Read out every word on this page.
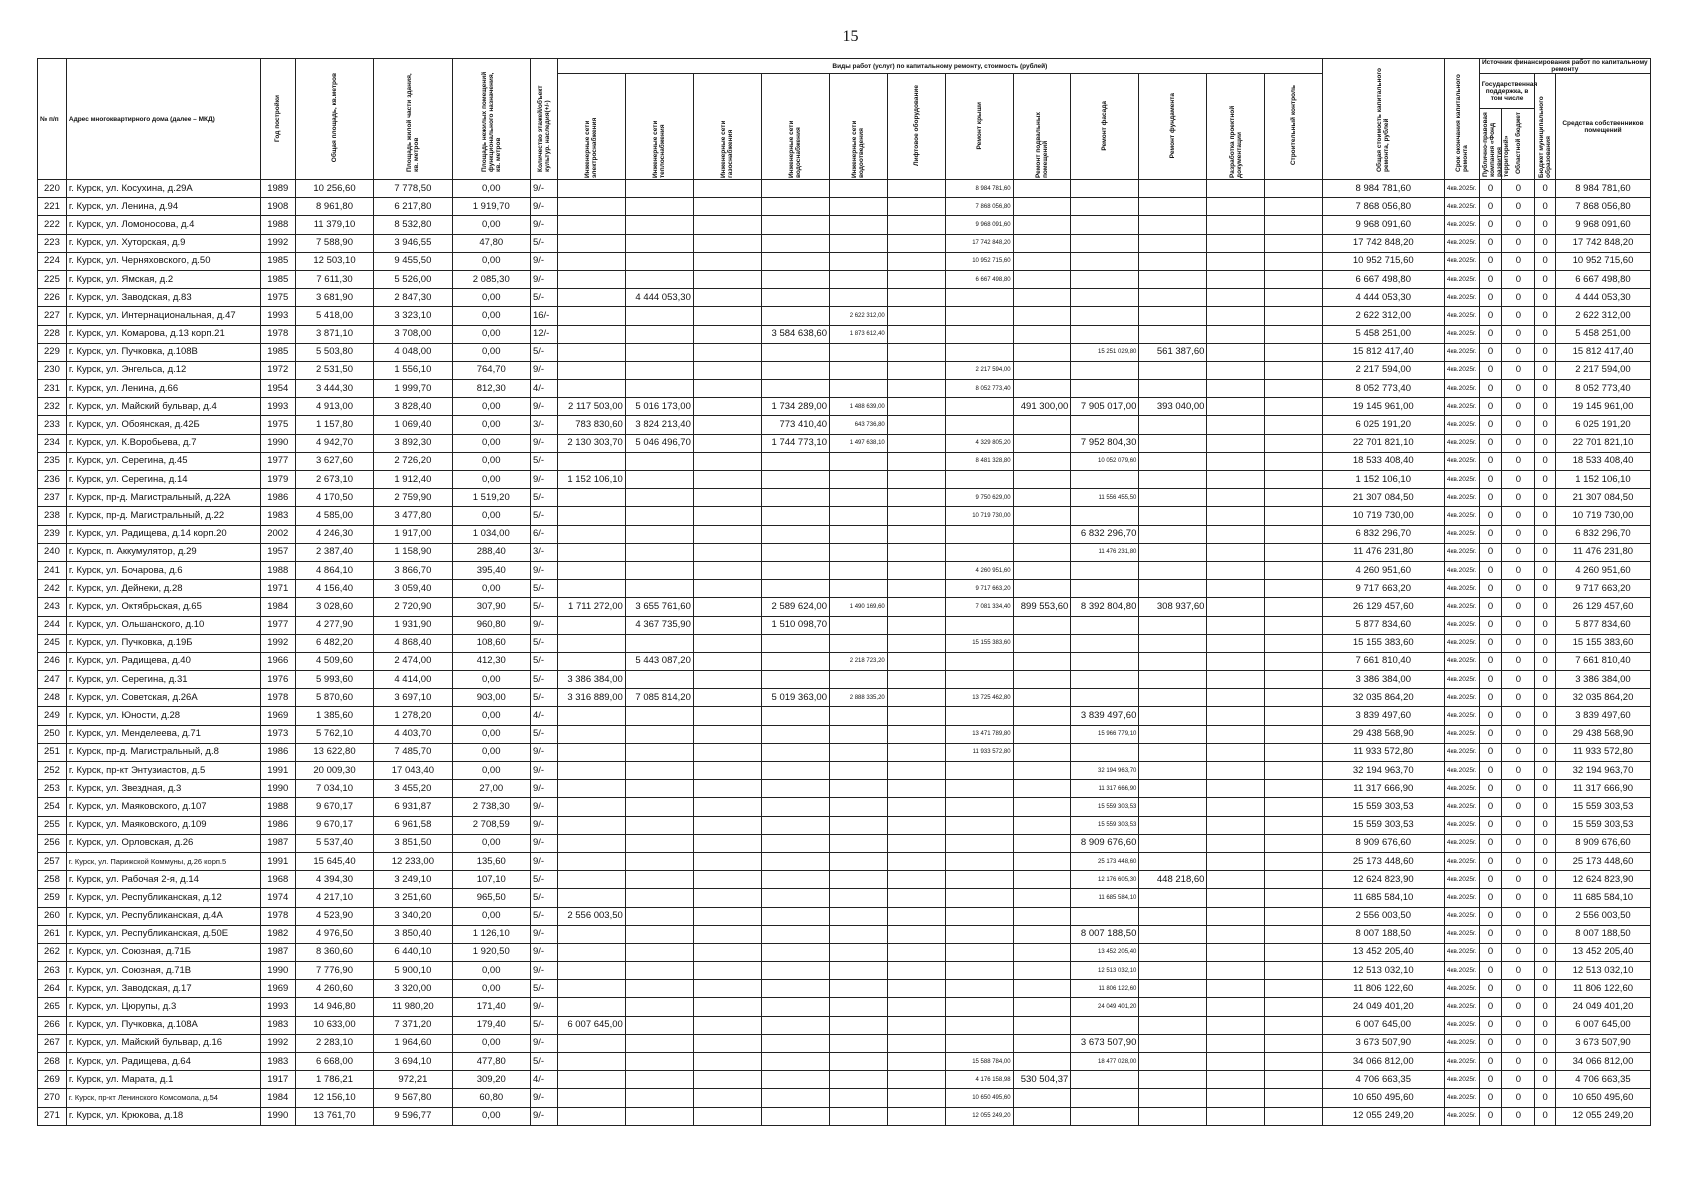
15
№ п/п	Адрес многоквартирного дома (далее – МКД)	Год постройки	Общая площадь, кв.метров	Площадь жилой части здания, кв. метров	Площадь нежилых помещений функционального назначения, кв. метров	Количество этажей/объект культур. наследия(+/-)	Виды работ (услуг) по капитальному ремонту, стоимость (рублей)												Общая стоимость капитального ремонта, рублей	Срок окончания капитального ремонта	Источник финансирования работ по капитальному ремонту			
							Инженерные сети электроснабжения	Инженерные сети теплоснабжения	Инженерные сети газоснабжения	Инженерные сети водоснабжения	Инженерные сети водоотведения	Лифтовое оборудование	Ремонт крыши	Ремонт подвальных помещений	Ремонт фасада	Ремонт фундамента	Разработка проектной документации	Строительный контроль			Государственная поддержка, в том числе		Бюджет муниципального образования	Средства собственников помещений
																					Публично-правовая компания «Фонд развития территорий»	Областной бюджет		
220	г. Курск, ул. Косухина, д.29А	1989	10 256,60	7 778,50	0,00	9/-							8 984 781,60						8 984 781,60	4кв.2025г.	0	0	0	8 984 781,60
221	г. Курск, ул. Ленина, д.94	1908	8 961,80	6 217,80	1 919,70	9/-							7 868 056,80						7 868 056,80	4кв.2025г.	0	0	0	7 868 056,80
222	г. Курск, ул. Ломоносова, д.4	1988	11 379,10	8 532,80	0,00	9/-							9 968 091,60						9 968 091,60	4кв.2025г.	0	0	0	9 968 091,60
223	г. Курск, ул. Хуторская, д.9	1992	7 588,90	3 946,55	47,80	5/-							17 742 848,20						17 742 848,20	4кв.2025г.	0	0	0	17 742 848,20
224	г. Курск, ул. Черняховского, д.50	1985	12 503,10	9 455,50	0,00	9/-							10 952 715,60						10 952 715,60	4кв.2025г.	0	0	0	10 952 715,60
225	г. Курск, ул. Ямская, д.2	1985	7 611,30	5 526,00	2 085,30	9/-							6 667 498,80						6 667 498,80	4кв.2025г.	0	0	0	6 667 498,80
226	г. Курск, ул. Заводская, д.83	1975	3 681,90	2 847,30	0,00	5/-		4 444 053,30											4 444 053,30	4кв.2025г.	0	0	0	4 444 053,30
227	г. Курск, ул. Интернациональная, д.47	1993	5 418,00	3 323,10	0,00	16/-					2 622 312,00								2 622 312,00	4кв.2025г.	0	0	0	2 622 312,00
228	г. Курск, ул. Комарова, д.13 корп.21	1978	3 871,10	3 708,00	0,00	12/-				3 584 638,60	1 873 612,40								5 458 251,00	4кв.2025г.	0	0	0	5 458 251,00
229	г. Курск, ул. Пучковка, д.108В	1985	5 503,80	4 048,00	0,00	5/-									15 251 029,80	561 387,60			15 812 417,40	4кв.2025г.	0	0	0	15 812 417,40
230	г. Курск, ул. Энгельса, д.12	1972	2 531,50	1 556,10	764,70	9/-							2 217 594,00						2 217 594,00	4кв.2025г.	0	0	0	2 217 594,00
231	г. Курск, ул. Ленина, д.66	1954	3 444,30	1 999,70	812,30	4/-							8 052 773,40						8 052 773,40	4кв.2025г.	0	0	0	8 052 773,40
232	г. Курск, ул. Майский бульвар, д.4	1993	4 913,00	3 828,40	0,00	9/-	2 117 503,00	5 016 173,00		1 734 289,00	1 488 639,00			491 300,00	7 905 017,00	393 040,00			19 145 961,00	4кв.2025г.	0	0	0	19 145 961,00
233	г. Курск, ул. Обоянская, д.42Б	1975	1 157,80	1 069,40	0,00	3/-	783 830,60	3 824 213,40		773 410,40	643 736,80								6 025 191,20	4кв.2025г.	0	0	0	6 025 191,20
234	г. Курск, ул. К.Воробьева, д.7	1990	4 942,70	3 892,30	0,00	9/-	2 130 303,70	5 046 496,70		1 744 773,10	1 497 638,10		4 329 805,20		7 952 804,30				22 701 821,10	4кв.2025г.	0	0	0	22 701 821,10
235	г. Курск, ул. Серегина, д.45	1977	3 627,60	2 726,20	0,00	5/-							8 481 328,80		10 052 079,60				18 533 408,40	4кв.2025г.	0	0	0	18 533 408,40
236	г. Курск, ул. Серегина, д.14	1979	2 673,10	1 912,40	0,00	9/-	1 152 106,10												1 152 106,10	4кв.2025г.	0	0	0	1 152 106,10
237	г. Курск, пр-д. Магистральный, д.22А	1986	4 170,50	2 759,90	1 519,20	5/-							9 750 629,00		11 556 455,50				21 307 084,50	4кв.2025г.	0	0	0	21 307 084,50
238	г. Курск, пр-д. Магистральный, д.22	1983	4 585,00	3 477,80	0,00	5/-							10 719 730,00						10 719 730,00	4кв.2025г.	0	0	0	10 719 730,00
239	г. Курск, ул. Радищева, д.14 корп.20	2002	4 246,30	1 917,00	1 034,00	6/-									6 832 296,70				6 832 296,70	4кв.2025г.	0	0	0	6 832 296,70
240	г. Курск, п. Аккумулятор, д.29	1957	2 387,40	1 158,90	288,40	3/-									11 476 231,80				11 476 231,80	4кв.2025г.	0	0	0	11 476 231,80
241	г. Курск, ул. Бочарова, д.6	1988	4 864,10	3 866,70	395,40	9/-							4 260 951,60						4 260 951,60	4кв.2025г.	0	0	0	4 260 951,60
242	г. Курск, ул. Дейнеки, д.28	1971	4 156,40	3 059,40	0,00	5/-							9 717 663,20						9 717 663,20	4кв.2025г.	0	0	0	9 717 663,20
243	г. Курск, ул. Октябрьская, д.65	1984	3 028,60	2 720,90	307,90	5/-	1 711 272,00	3 655 761,60		2 589 624,00	1 490 169,60		7 081 334,40	899 553,60	8 392 804,80	308 937,60			26 129 457,60	4кв.2025г.	0	0	0	26 129 457,60
244	г. Курск, ул. Ольшанского, д.10	1977	4 277,90	1 931,90	960,80	9/-		4 367 735,90		1 510 098,70									5 877 834,60	4кв.2025г.	0	0	0	5 877 834,60
245	г. Курск, ул. Пучковка, д.19Б	1992	6 482,20	4 868,40	108,60	5/-							15 155 383,60						15 155 383,60	4кв.2025г.	0	0	0	15 155 383,60
246	г. Курск, ул. Радищева, д.40	1966	4 509,60	2 474,00	412,30	5/-		5 443 087,20			2 218 723,20								7 661 810,40	4кв.2025г.	0	0	0	7 661 810,40
247	г. Курск, ул. Серегина, д.31	1976	5 993,60	4 414,00	0,00	5/-	3 386 384,00												3 386 384,00	4кв.2025г.	0	0	0	3 386 384,00
248	г. Курск, ул. Советская, д.26А	1978	5 870,60	3 697,10	903,00	5/-	3 316 889,00	7 085 814,20		5 019 363,00	2 888 335,20		13 725 462,80						32 035 864,20	4кв.2025г.	0	0	0	32 035 864,20
249	г. Курск, ул. Юности, д.28	1969	1 385,60	1 278,20	0,00	4/-									3 839 497,60				3 839 497,60	4кв.2025г.	0	0	0	3 839 497,60
250	г. Курск, ул. Менделеева, д.71	1973	5 762,10	4 403,70	0,00	5/-							13 471 789,80		15 966 779,10				29 438 568,90	4кв.2025г.	0	0	0	29 438 568,90
251	г. Курск, пр-д. Магистральный, д.8	1986	13 622,80	7 485,70	0,00	9/-							11 933 572,80						11 933 572,80	4кв.2025г.	0	0	0	11 933 572,80
252	г. Курск, пр-кт Энтузиастов, д.5	1991	20 009,30	17 043,40	0,00	9/-									32 194 963,70				32 194 963,70	4кв.2025г.	0	0	0	32 194 963,70
253	г. Курск, ул. Звездная, д.3	1990	7 034,10	3 455,20	27,00	9/-									11 317 666,90				11 317 666,90	4кв.2025г.	0	0	0	11 317 666,90
254	г. Курск, ул. Маяковского, д.107	1988	9 670,17	6 931,87	2 738,30	9/-									15 559 303,53				15 559 303,53	4кв.2025г.	0	0	0	15 559 303,53
255	г. Курск, ул. Маяковского, д.109	1986	9 670,17	6 961,58	2 708,59	9/-									15 559 303,53				15 559 303,53	4кв.2025г.	0	0	0	15 559 303,53
256	г. Курск, ул. Орловская, д.26	1987	5 537,40	3 851,50	0,00	9/-									8 909 676,60				8 909 676,60	4кв.2025г.	0	0	0	8 909 676,60
257	г. Курск, ул. Парижской Коммуны, д.26 корп.5	1991	15 645,40	12 233,00	135,60	9/-									25 173 448,60				25 173 448,60	4кв.2025г.	0	0	0	25 173 448,60
258	г. Курск, ул. Рабочая 2-я, д.14	1968	4 394,30	3 249,10	107,10	5/-									12 176 605,30	448 218,60			12 624 823,90	4кв.2025г.	0	0	0	12 624 823,90
259	г. Курск, ул. Республиканская, д.12	1974	4 217,10	3 251,60	965,50	5/-									11 685 584,10				11 685 584,10	4кв.2025г.	0	0	0	11 685 584,10
260	г. Курск, ул. Республиканская, д.4А	1978	4 523,90	3 340,20	0,00	5/-	2 556 003,50												2 556 003,50	4кв.2025г.	0	0	0	2 556 003,50
261	г. Курск, ул. Республиканская, д.50Е	1982	4 976,50	3 850,40	1 126,10	9/-									8 007 188,50				8 007 188,50	4кв.2025г.	0	0	0	8 007 188,50
262	г. Курск, ул. Союзная, д.71Б	1987	8 360,60	6 440,10	1 920,50	9/-									13 452 205,40				13 452 205,40	4кв.2025г.	0	0	0	13 452 205,40
263	г. Курск, ул. Союзная, д.71В	1990	7 776,90	5 900,10	0,00	9/-									12 513 032,10				12 513 032,10	4кв.2025г.	0	0	0	12 513 032,10
264	г. Курск, ул. Заводская, д.17	1969	4 260,60	3 320,00	0,00	5/-									11 806 122,60				11 806 122,60	4кв.2025г.	0	0	0	11 806 122,60
265	г. Курск, ул. Цюрупы, д.3	1993	14 946,80	11 980,20	171,40	9/-									24 049 401,20				24 049 401,20	4кв.2025г.	0	0	0	24 049 401,20
266	г. Курск, ул. Пучковка, д.108А	1983	10 633,00	7 371,20	179,40	5/-	6 007 645,00												6 007 645,00	4кв.2025г.	0	0	0	6 007 645,00
267	г. Курск, ул. Майский бульвар, д.16	1992	2 283,10	1 964,60	0,00	9/-									3 673 507,90				3 673 507,90	4кв.2025г.	0	0	0	3 673 507,90
268	г. Курск, ул. Радищева, д.64	1983	6 668,00	3 694,10	477,80	5/-							15 588 784,00		18 477 028,00				34 066 812,00	4кв.2025г.	0	0	0	34 066 812,00
269	г. Курск, ул. Марата, д.1	1917	1 786,21	972,21	309,20	4/-							4 176 158,98	530 504,37					4 706 663,35	4кв.2025г.	0	0	0	4 706 663,35
270	г. Курск, пр-кт Ленинского Комсомола, д.54	1984	12 156,10	9 567,80	60,80	9/-							10 650 495,60						10 650 495,60	4кв.2025г.	0	0	0	10 650 495,60
271	г. Курск, ул. Крюкова, д.18	1990	13 761,70	9 596,77	0,00	9/-							12 055 249,20						12 055 249,20	4кв.2025г.	0	0	0	12 055 249,20
